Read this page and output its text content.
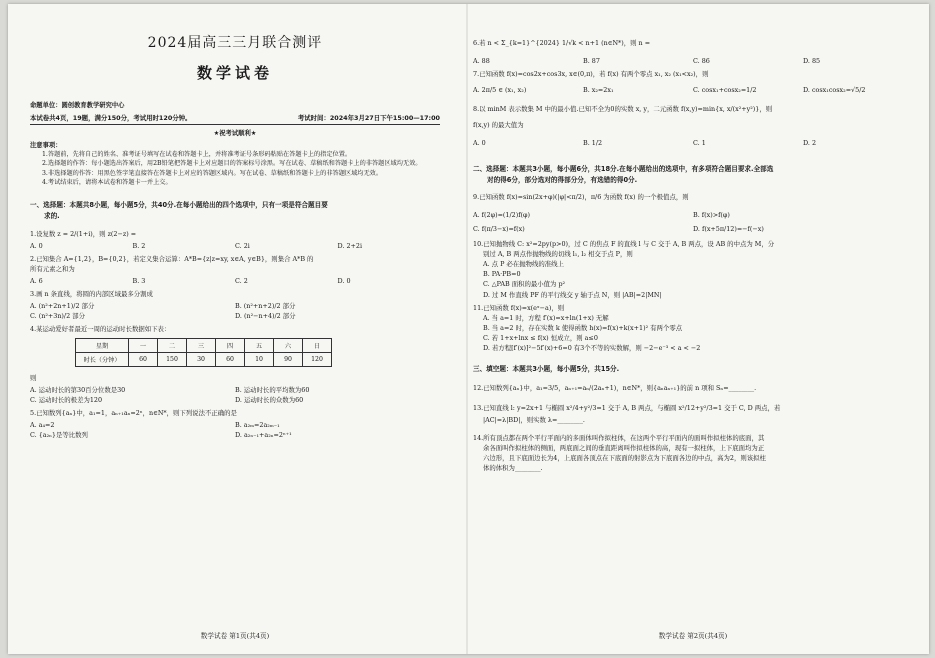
2024届高三三月联合测评
数学试卷
命题单位：圆创教育教学研究中心
本试卷共4页，19题，满分150分，考试用时120分钟。	考试时间：2024年3月27日下午15:00—17:00
★祝考试顺利★
注意事项：

1.答题前，先将自己的姓名、准考证号填写在试卷和答题卡上，并将准考证号条形码粘贴在答题卡上的指定位置。

2.选择题的作答：每小题选出答案后，用2B铅笔把答题卡上对应题目的答案标号涂黑。写在试卷、草稿纸和答题卡上的非答题区域均无效。

3.非选择题的作答：用黑色签字笔直接答在答题卡上对应的答题区域内。写在试卷、草稿纸和答题卡上的非答题区域均无效。

4.考试结束后，请将本试卷和答题卡一并上交。

一、选择题：本题共8小题，每小题5分，共40分.在每小题给出的四个选项中，只有一项是符合题目要
求的.
1.设复数 z = 2/(1+i)，则 z(2−z) =
A. 0	B. 2	C. 2i	D. 2+2i
2.已知集合 A={1,2}，B={0,2}，若定义集合运算：A*B={z|z=xy, x∈A, y∈B}，则集合 A*B 的
所有元素之和为
A. 6	B. 3	C. 2	D. 0
3.画 n 条直线，将圆的内部区域最多分割成
A. (n²+2n+1)/2 部分	B. (n²+n+2)/2 部分
C. (n²+3n)/2 部分	D. (n²−n+4)/2 部分
4.某运动爱好者最近一周的运动时长数据如下表：
星期	一	二	三	四	五	六	日
时长（分钟）	60	150	30	60	10	90	120
则
A. 运动时长的第30百分位数是30	B. 运动时长的平均数为60
C. 运动时长的极差为120	D. 运动时长的众数为60
5.已知数列{aₙ}中，a₁=1，aₙ₊₁aₙ=2ⁿ，n∈N*，则下列说法不正确的是
A. a₄=2	B. a₂ₘ=2a₂ₘ₋₁
C. {a₂ₙ}是等比数列	D. a₂ₙ₋₁+a₂ₙ=2ⁿ⁺¹
数学试卷 第1页(共4页)
6.若 n < Σ_{k=1}^{2024} 1/√k < n+1 (n∈N*)，则 n =
A. 88	B. 87	C. 86	D. 85
7.已知函数 f(x)=cos2x+cos3x, x∈(0,π)，若 f(x) 有两个零点 x₁, x₂ (x₁<x₂)，则
A. 2π/5 ∈ (x₁, x₂)	B. x₂=2x₁	C. cosx₁+cosx₂=1/2	D. cosx₁cosx₂=√5/2
8.以 minM 表示数集 M 中的最小值.已知不全为0的实数 x, y，二元函数 f(x,y)=min{x, x/(x²+y²)}，则
f(x,y) 的最大值为
A. 0	B. 1/2	C. 1	D. 2
二、选择题：本题共3小题，每小题6分，共18分.在每小题给出的选项中，有多项符合题目要求.全部选
对的得6分，部分选对的得部分分，有选错的得0分.
9.已知函数 f(x)=sin(2x+φ)(|φ|<π/2)，π/6 为函数 f(x) 的一个极值点，则
A. f(2φ)=(1/2)f(φ)	B. f(x)>f(φ)
C. f(π/3−x)=f(x)	D. f(x+5π/12)=−f(−x)
10.已知抛物线 C: x²=2py(p>0)，过 C 的焦点 F 的直线 l 与 C 交于 A, B 两点，设 AB 的中点为 M，分
别过 A, B 两点作抛物线的切线 l₁, l₂ 相交于点 P，则
A. 点 P 必在抛物线的准线上
B. PA·PB=0
C. △PAB 面积的最小值为 p²
D. 过 M 作直线 PF 的平行线交 y 轴于点 N，则 |AB|=2|MN|
11.已知函数 f(x)=x(eˣ−a)，则
A. 当 a=1 时，方程 f′(x)=x+ln(1+x) 无解
B. 当 a=2 时，存在实数 k 使得函数 h(x)=f(x)+k(x+1)² 有两个零点
C. 若 1+x+lnx ≤ f(x) 恒成立，则 a≤0
D. 若方程[f′(x)]²−5f′(x)+6=0 有3个不等的实数解，则 −2−e⁻³ < a < −2
三、填空题：本题共3小题，每小题5分，共15分.
12.已知数列{aₙ}中，a₁=3/5，aₙ₊₁=aₙ/(2aₙ+1)，n∈N*，则{aₙaₙ₊₁}的前 n 项和 Sₙ=________.
13.已知直线 l: y=2x+1 与椭圆 x²/4+y²/3=1 交于 A, B 两点，与椭圆 x²/12+y²/3=1 交于 C, D 两点，若
|AC|=λ|BD|，则实数 λ=________.
14.所有顶点都在两个平行平面内的多面体叫作拟柱体，在这两个平行平面内的面叫作拟柱体的底面，其
余各面叫作拟柱体的侧面，两底面之间的垂直距离叫作拟柱体的高，现有一拟柱体，上下底面均为正
六边形，且下底面边长为4，上底面各顶点在下底面的射影点为下底面各边的中点，高为2，则该拟柱
体的体积为________.
数学试卷 第2页(共4页)
